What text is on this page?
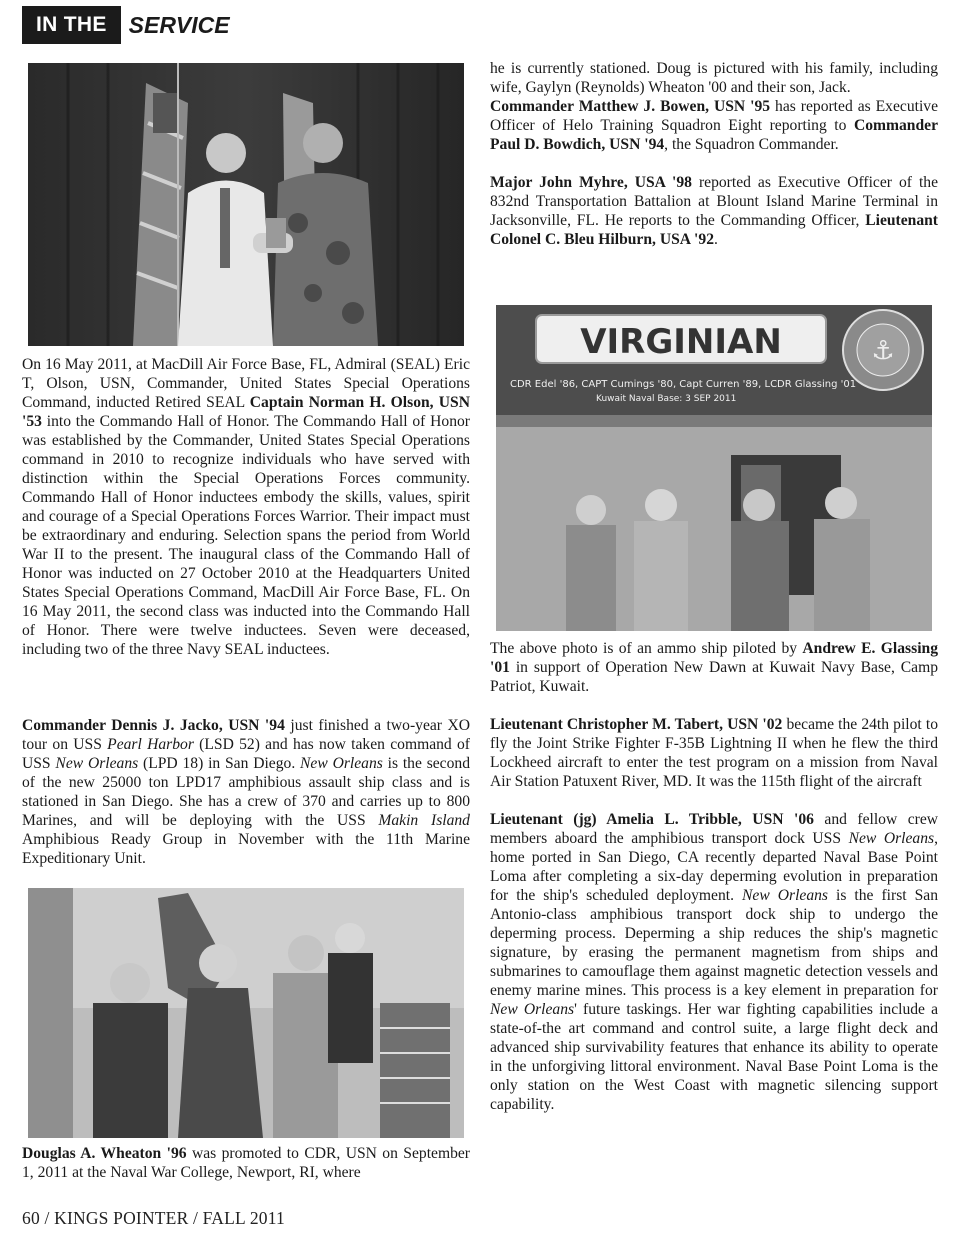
IN THE SERVICE
VIRGINIAN	⚓
CDR Edel '86, CAPT Cumings '80, Capt Curren '89, LCDR Glassing '01
Kuwait Naval Base: 3 SEP 2011

On 16 May 2011, at MacDill Air Force Base, FL, Admiral (SEAL) Eric T, Olson, USN, Commander, United States Special Operations Command, inducted Retired SEAL Captain Norman H. Olson, USN '53 into the Commando Hall of Honor. The Commando Hall of Honor was established by the Commander, United States Special Operations command in 2010 to recognize individuals who have served with distinction within the Special Operations Forces community. Commando Hall of Honor inductees embody the skills, values, spirit and courage of a Special Operations Forces Warrior. Their impact must be extraordinary and enduring. Selection spans the period from World War II to the present. The inaugural class of the Commando Hall of Honor was inducted on 27 October 2010 at the Headquarters United States Special Operations Command, MacDill Air Force Base, FL. On 16 May 2011, the second class was inducted into the Commando Hall of Honor. There were twelve inductees. Seven were deceased, including two of the three Navy SEAL inductees.

Commander Dennis J. Jacko, USN '94 just finished a two-year XO tour on USS Pearl Harbor (LSD 52) and has now taken command of USS New Orleans (LPD 18) in San Diego. New Orleans is the second of the new 25000 ton LPD17 amphibious assault ship class and is stationed in San Diego. She has a crew of 370 and carries up to 800 Marines, and will be deploying with the USS Makin Island Amphibious Ready Group in November with the 11th Marine Expeditionary Unit.

Douglas A. Wheaton '96 was promoted to CDR, USN on September 1, 2011 at the Naval War College, Newport, RI, where

he is currently stationed. Doug is pictured with his family, including wife, Gaylyn (Reynolds) Wheaton '00 and their son, Jack.

Commander Matthew J. Bowen, USN '95 has reported as Executive Officer of Helo Training Squadron Eight reporting to Commander Paul D. Bowdich, USN '94, the Squadron Commander.

Major John Myhre, USA '98 reported as Executive Officer of the 832nd Transportation Battalion at Blount Island Marine Terminal in Jacksonville, FL. He reports to the Commanding Officer, Lieutenant Colonel C. Bleu Hilburn, USA '92.

The above photo is of an ammo ship piloted by Andrew E. Glassing '01 in support of Operation New Dawn at Kuwait Navy Base, Camp Patriot, Kuwait.

Lieutenant Christopher M. Tabert, USN '02 became the 24th pilot to fly the Joint Strike Fighter F-35B Lightning II when he flew the third Lockheed aircraft to enter the test program on a mission from Naval Air Station Patuxent River, MD. It was the 115th flight of the aircraft

Lieutenant (jg) Amelia L. Tribble, USN '06 and fellow crew members aboard the amphibious transport dock USS New Orleans, home ported in San Diego, CA recently departed Naval Base Point Loma after completing a six-day deperming evolution in preparation for the ship's scheduled deployment. New Orleans is the first San Antonio-class amphibious transport dock ship to undergo the deperming process. Deperming a ship reduces the ship's magnetic signature, by erasing the permanent magnetism from ships and submarines to camouflage them against magnetic detection vessels and enemy marine mines. This process is a key element in preparation for New Orleans' future taskings. Her war fighting capabilities include a state-of-the art command and control suite, a large flight deck and advanced ship survivability features that enhance its ability to operate in the unforgiving littoral environment. Naval Base Point Loma is the only station on the West Coast with magnetic silencing support capability.

60 / KINGS POINTER / FALL 2011
